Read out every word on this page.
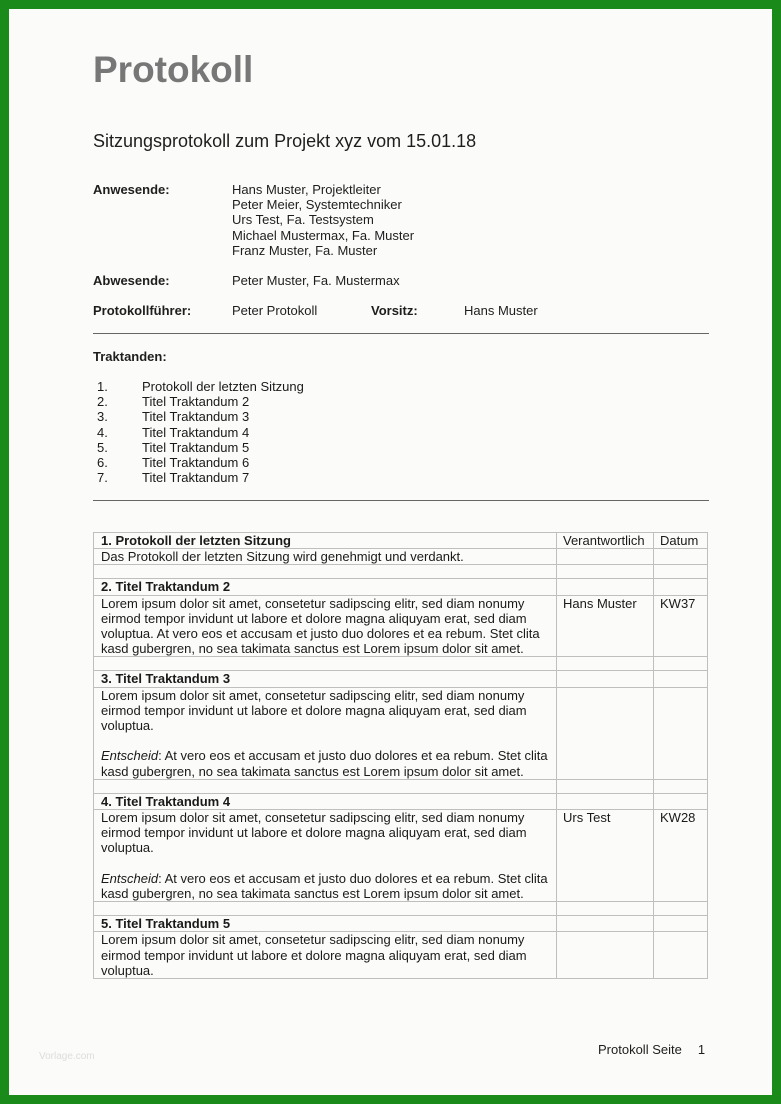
Protokoll
Sitzungsprotokoll zum Projekt xyz vom 15.01.18
Anwesende:	Hans Muster, Projektleiter
Peter Meier, Systemtechniker
Urs Test, Fa. Testsystem
Michael Mustermax, Fa. Muster
Franz Muster, Fa. Muster
Abwesende:	Peter Muster, Fa. Mustermax
Protokollführer:	Peter Protokoll	Vorsitz:	Hans Muster
Traktanden:
1.	Protokoll der letzten Sitzung
2.	Titel Traktandum 2
3.	Titel Traktandum 3
4.	Titel Traktandum 4
5.	Titel Traktandum 5
6.	Titel Traktandum 6
7.	Titel Traktandum 7
1. Protokoll der letzten Sitzung	Verantwortlich	Datum
Das Protokoll der letzten Sitzung wird genehmigt und verdankt.		

2. Titel Traktandum 2		
Lorem ipsum dolor sit amet, consetetur sadipscing elitr, sed diam nonumy eirmod tempor invidunt ut labore et dolore magna aliquyam erat, sed diam voluptua. At vero eos et accusam et justo duo dolores et ea rebum. Stet clita kasd gubergren, no sea takimata sanctus est Lorem ipsum dolor sit amet.	Hans Muster	KW37

3. Titel Traktandum 3		

Lorem ipsum dolor sit amet, consetetur sadipscing elitr, sed diam nonumy eirmod tempor invidunt ut labore et dolore magna aliquyam erat, sed diam voluptua.
Entscheid: At vero eos et accusam et justo duo dolores et ea rebum. Stet clita kasd gubergren, no sea takimata sanctus est Lorem ipsum dolor sit amet.		

4. Titel Traktandum 4		

Lorem ipsum dolor sit amet, consetetur sadipscing elitr, sed diam nonumy eirmod tempor invidunt ut labore et dolore magna aliquyam erat, sed diam voluptua.
Entscheid: At vero eos et accusam et justo duo dolores et ea rebum. Stet clita kasd gubergren, no sea takimata sanctus est Lorem ipsum dolor sit amet.	Urs Test	KW28

5. Titel Traktandum 5		
Lorem ipsum dolor sit amet, consetetur sadipscing elitr, sed diam nonumy eirmod tempor invidunt ut labore et dolore magna aliquyam erat, sed diam voluptua.		
Protokoll Seite 1
Vorlage.com
